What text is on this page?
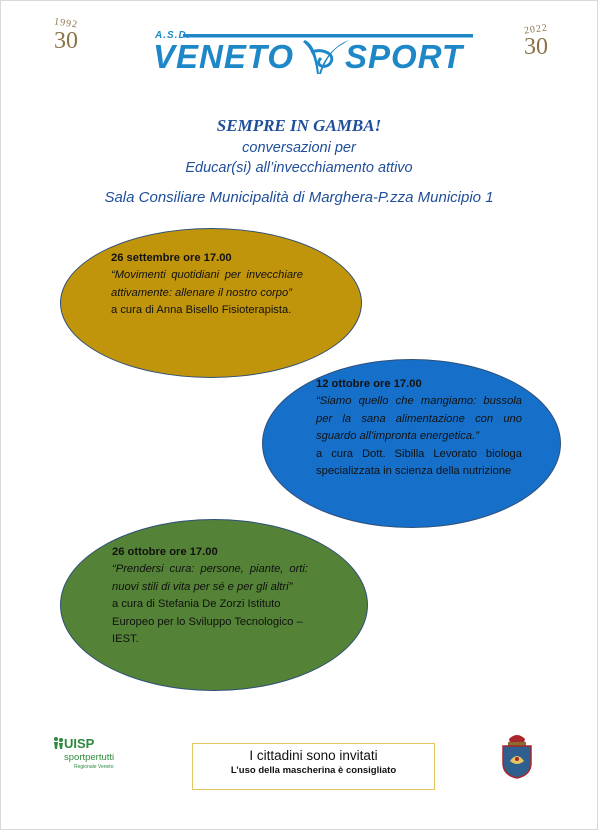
1992
30	A.S.D.
VENETO SPORT
2022
30
SEMPRE IN GAMBA!
conversazioni per
Educar(si) all’invecchiamento attivo
Sala Consiliare Municipalità di Marghera-P.zza Municipio 1
26 settembre ore 17.00
“Movimenti quotidiani per invecchiare attivamente: allenare il nostro corpo”
a cura di Anna Bisello Fisioterapista.
12 ottobre ore 17.00
“Siamo quello che mangiamo: bussola per la sana alimentazione con uno sguardo all’impronta energetica.”
a cura Dott. Sibilla Levorato biologa specializzata in scienza della nutrizione
26 ottobre ore 17.00
“Prendersi cura: persone, piante, orti: nuovi stili di vita per sé e per gli altri”
a cura di Stefania De Zorzi Istituto Europeo per lo Sviluppo Tecnologico – IEST.
UISP
sportpertutti
Regionale Veneto
I cittadini sono invitati
L’uso della mascherina è consigliato
